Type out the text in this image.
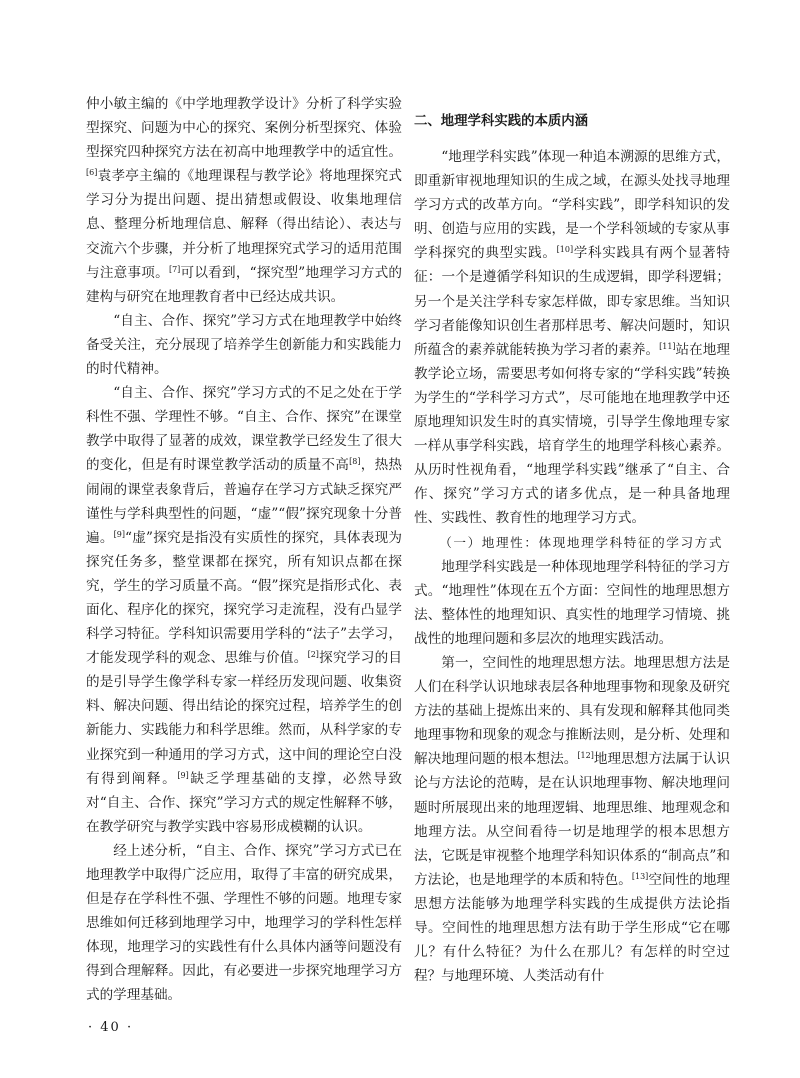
仲小敏主编的《中学地理教学设计》分析了科学实验型探究、问题为中心的探究、案例分析型探究、体验型探究四种探究方法在初高中地理教学中的适宜性。[6]袁孝亭主编的《地理课程与教学论》将地理探究式学习分为提出问题、提出猜想或假设、收集地理信息、整理分析地理信息、解释（得出结论）、表达与交流六个步骤，并分析了地理探究式学习的适用范围与注意事项。[7]可以看到，“探究型”地理学习方式的建构与研究在地理教育者中已经达成共识。

“自主、合作、探究”学习方式在地理教学中始终备受关注，充分展现了培养学生创新能力和实践能力的时代精神。

“自主、合作、探究”学习方式的不足之处在于学科性不强、学理性不够。“自主、合作、探究”在课堂教学中取得了显著的成效，课堂教学已经发生了很大的变化，但是有时课堂教学活动的质量不高[8]，热热闹闹的课堂表象背后，普遍存在学习方式缺乏探究严谨性与学科典型性的问题，“虚”“假”探究现象十分普遍。[9]“虚”探究是指没有实质性的探究，具体表现为探究任务多，整堂课都在探究，所有知识点都在探究，学生的学习质量不高。“假”探究是指形式化、表面化、程序化的探究，探究学习走流程，没有凸显学科学习特征。学科知识需要用学科的“法子”去学习，才能发现学科的观念、思维与价值。[2]探究学习的目的是引导学生像学科专家一样经历发现问题、收集资料、解决问题、得出结论的探究过程，培养学生的创新能力、实践能力和科学思维。然而，从科学家的专业探究到一种通用的学习方式，这中间的理论空白没有得到阐释。[9]缺乏学理基础的支撑，必然导致对“自主、合作、探究”学习方式的规定性解释不够，在教学研究与教学实践中容易形成模糊的认识。

经上述分析，“自主、合作、探究”学习方式已在地理教学中取得广泛应用，取得了丰富的研究成果，但是存在学科性不强、学理性不够的问题。地理专家思维如何迁移到地理学习中，地理学习的学科性怎样体现，地理学习的实践性有什么具体内涵等问题没有得到合理解释。因此，有必要进一步探究地理学习方式的学理基础。

二、地理学科实践的本质内涵

“地理学科实践”体现一种追本溯源的思维方式，即重新审视地理知识的生成之域，在源头处找寻地理学习方式的改革方向。“学科实践”，即学科知识的发明、创造与应用的实践，是一个学科领域的专家从事学科探究的典型实践。[10]学科实践具有两个显著特征：一个是遵循学科知识的生成逻辑，即学科逻辑；另一个是关注学科专家怎样做，即专家思维。当知识学习者能像知识创生者那样思考、解决问题时，知识所蕴含的素养就能转换为学习者的素养。[11]站在地理教学论立场，需要思考如何将专家的“学科实践”转换为学生的“学科学习方式”，尽可能地在地理教学中还原地理知识发生时的真实情境，引导学生像地理专家一样从事学科实践，培育学生的地理学科核心素养。从历时性视角看，“地理学科实践”继承了“自主、合作、探究”学习方式的诸多优点，是一种具备地理性、实践性、教育性的地理学习方式。

（一）地理性：体现地理学科特征的学习方式

地理学科实践是一种体现地理学科特征的学习方式。“地理性”体现在五个方面：空间性的地理思想方法、整体性的地理知识、真实性的地理学习情境、挑战性的地理问题和多层次的地理实践活动。

第一，空间性的地理思想方法。地理思想方法是人们在科学认识地球表层各种地理事物和现象及研究方法的基础上提炼出来的、具有发现和解释其他同类地理事物和现象的观念与推断法则，是分析、处理和解决地理问题的根本想法。[12]地理思想方法属于认识论与方法论的范畴，是在认识地理事物、解决地理问题时所展现出来的地理逻辑、地理思维、地理观念和地理方法。从空间看待一切是地理学的根本思想方法，它既是审视整个地理学科知识体系的“制高点”和方法论，也是地理学的本质和特色。[13]空间性的地理思想方法能够为地理学科实践的生成提供方法论指导。空间性的地理思想方法有助于学生形成“它在哪儿？有什么特征？为什么在那儿？有怎样的时空过程？与地理环境、人类活动有什

· 40 ·
